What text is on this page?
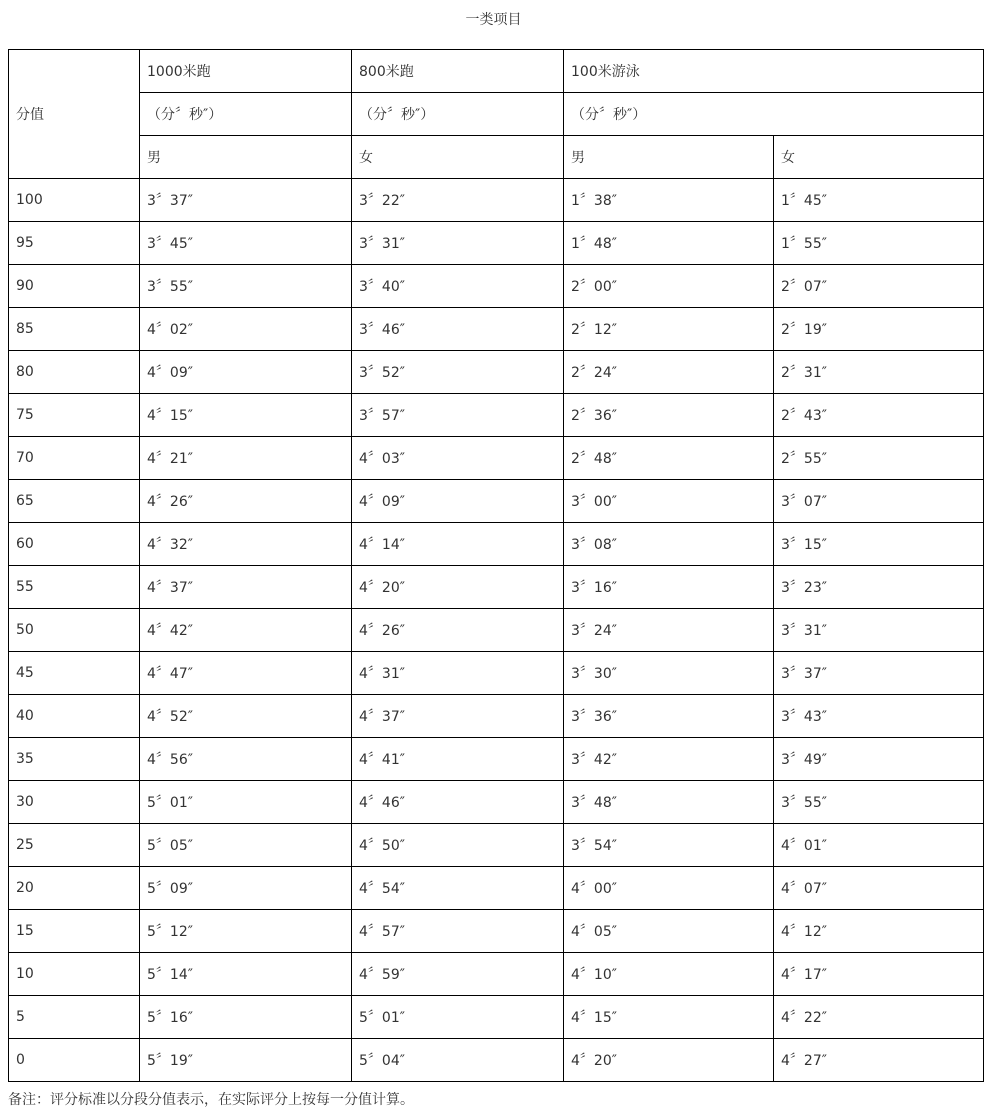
一类项目
分值	1000米跑	800米跑	100米游泳	
	（分〞秒″）	（分〞秒″）	（分〞秒″）	
	男	女	男	女
100	3〞37″	3〞22″	1〞38″	1〞45″
95	3〞45″	3〞31″	1〞48″	1〞55″
90	3〞55″	3〞40″	2〞00″	2〞07″
85	4〞02″	3〞46″	2〞12″	2〞19″
80	4〞09″	3〞52″	2〞24″	2〞31″
75	4〞15″	3〞57″	2〞36″	2〞43″
70	4〞21″	4〞03″	2〞48″	2〞55″
65	4〞26″	4〞09″	3〞00″	3〞07″
60	4〞32″	4〞14″	3〞08″	3〞15″
55	4〞37″	4〞20″	3〞16″	3〞23″
50	4〞42″	4〞26″	3〞24″	3〞31″
45	4〞47″	4〞31″	3〞30″	3〞37″
40	4〞52″	4〞37″	3〞36″	3〞43″
35	4〞56″	4〞41″	3〞42″	3〞49″
30	5〞01″	4〞46″	3〞48″	3〞55″
25	5〞05″	4〞50″	3〞54″	4〞01″
20	5〞09″	4〞54″	4〞00″	4〞07″
15	5〞12″	4〞57″	4〞05″	4〞12″
10	5〞14″	4〞59″	4〞10″	4〞17″
5	5〞16″	5〞01″	4〞15″	4〞22″
0	5〞19″	5〞04″	4〞20″	4〞27″
备注：评分标准以分段分值表示，在实际评分上按每一分值计算。
